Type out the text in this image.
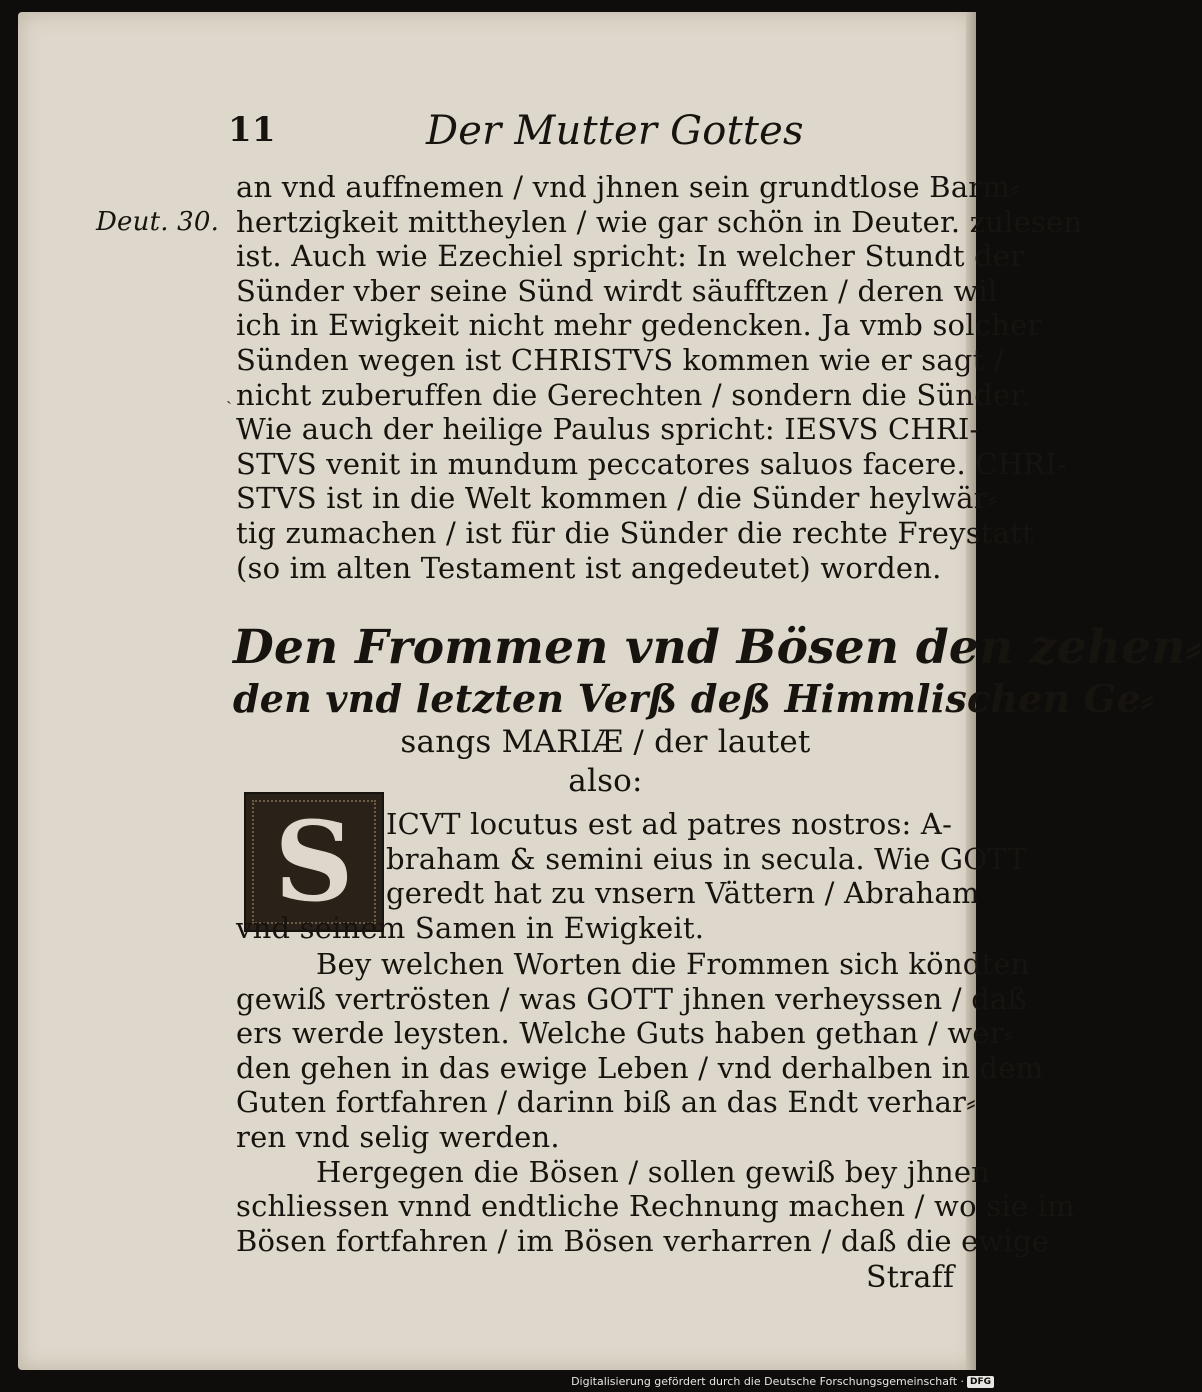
11	Der Mutter Gottes
Deut. 30.
ˏ
an vnd auffnemen / vnd jhnen sein grundtlose Barm⸗
hertzigkeit mittheylen / wie gar schön in Deuter. zulesen
ist. Auch wie Ezechiel spricht: In welcher Stundt der
Sünder vber seine Sünd wirdt säufftzen / deren wil
ich in Ewigkeit nicht mehr gedencken. Ja vmb solcher
Sünden wegen ist CHRISTVS kommen wie er sagt /
nicht zuberuffen die Gerechten / sondern die Sünder.
Wie auch der heilige Paulus spricht: IESVS CHRI-
STVS venit in mundum peccatores saluos facere. CHRI-
STVS ist in die Welt kommen / die Sünder heylwär⸗
tig zumachen / ist für die Sünder die rechte Freystatt
(so im alten Testament ist angedeutet) worden.
Den Frommen vnd Bösen den zehen⸗
den vnd letzten Verß deß Himmlischen Ge⸗
sangs MARIÆ / der lautet
also:
S	ICVT locutus est ad patres nostros: A-
braham & semini eius in secula. Wie GOTT
geredt hat zu vnsern Vättern / Abraham
vnd seinem Samen in Ewigkeit.
Bey welchen Worten die Frommen sich köndten
gewiß vertrösten / was GOTT jhnen verheyssen / daß
ers werde leysten. Welche Guts haben gethan / wer⸗
den gehen in das ewige Leben / vnd derhalben in dem
Guten fortfahren / darinn biß an das Endt verhar⸗
ren vnd selig werden.
Hergegen die Bösen / sollen gewiß bey jhnen
schliessen vnnd endtliche Rechnung machen / wo sie im
Bösen fortfahren / im Bösen verharren / daß die ewige
Straff
Digitalisierung gefördert durch die Deutsche Forschungsgemeinschaft · DFG
